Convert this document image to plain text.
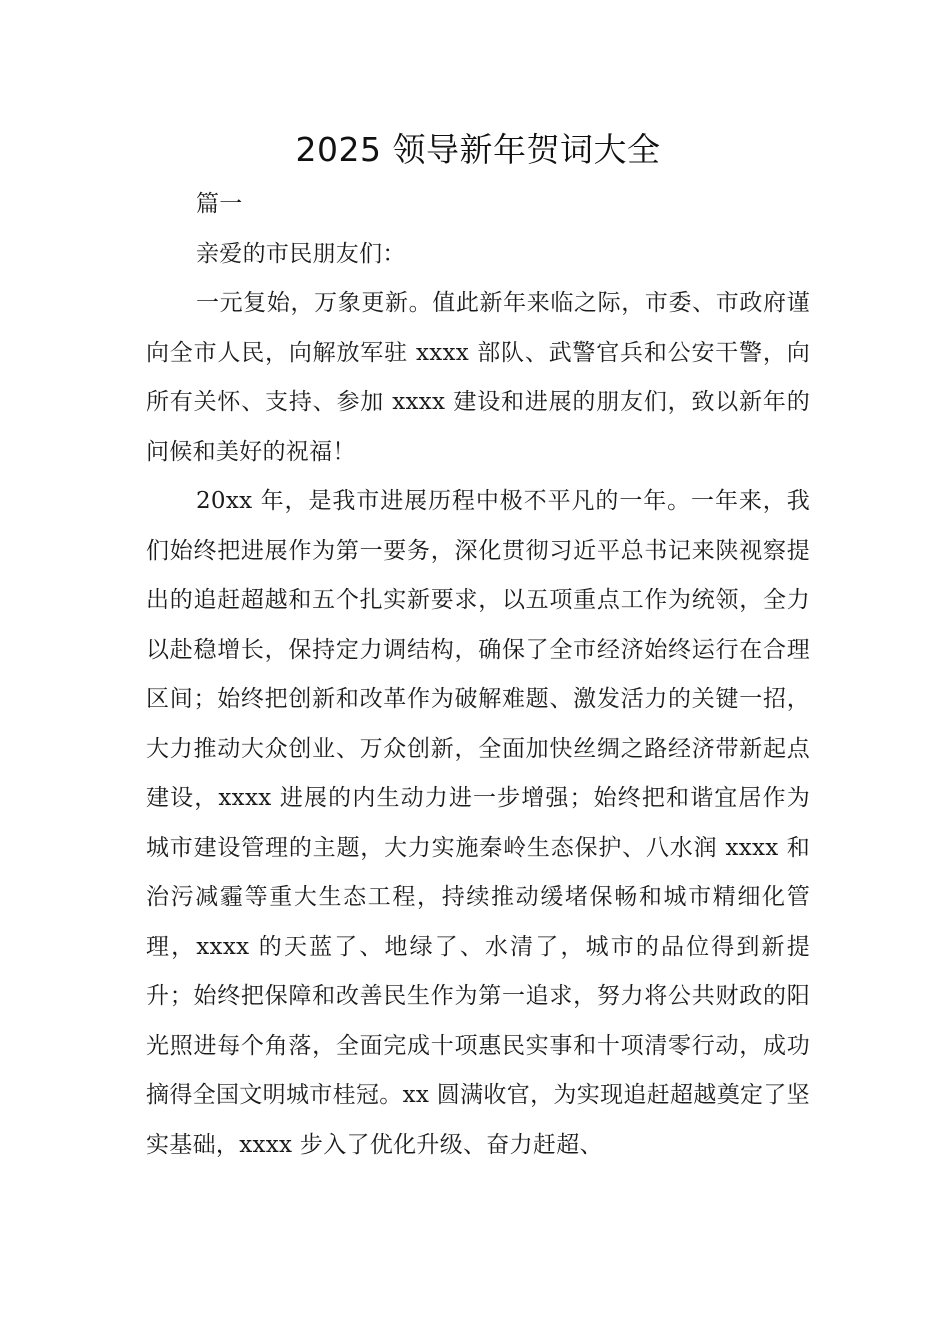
2025 领导新年贺词大全

篇一

亲爱的市民朋友们：

一元复始，万象更新。值此新年来临之际，市委、市政府谨向全市人民，向解放军驻 xxxx 部队、武警官兵和公安干警，向所有关怀、支持、参加 xxxx 建设和进展的朋友们，致以新年的问候和美好的祝福！

20xx 年，是我市进展历程中极不平凡的一年。一年来，我们始终把进展作为第一要务，深化贯彻习近平总书记来陕视察提出的追赶超越和五个扎实新要求，以五项重点工作为统领，全力以赴稳增长，保持定力调结构，确保了全市经济始终运行在合理区间；始终把创新和改革作为破解难题、激发活力的关键一招，大力推动大众创业、万众创新，全面加快丝绸之路经济带新起点建设，xxxx 进展的内生动力进一步增强；始终把和谐宜居作为城市建设管理的主题，大力实施秦岭生态保护、八水润 xxxx 和治污减霾等重大生态工程，持续推动缓堵保畅和城市精细化管理，xxxx 的天蓝了、地绿了、水清了，城市的品位得到新提升；始终把保障和改善民生作为第一追求，努力将公共财政的阳光照进每个角落，全面完成十项惠民实事和十项清零行动，成功摘得全国文明城市桂冠。xx 圆满收官，为实现追赶超越奠定了坚实基础，xxxx 步入了优化升级、奋力赶超、
